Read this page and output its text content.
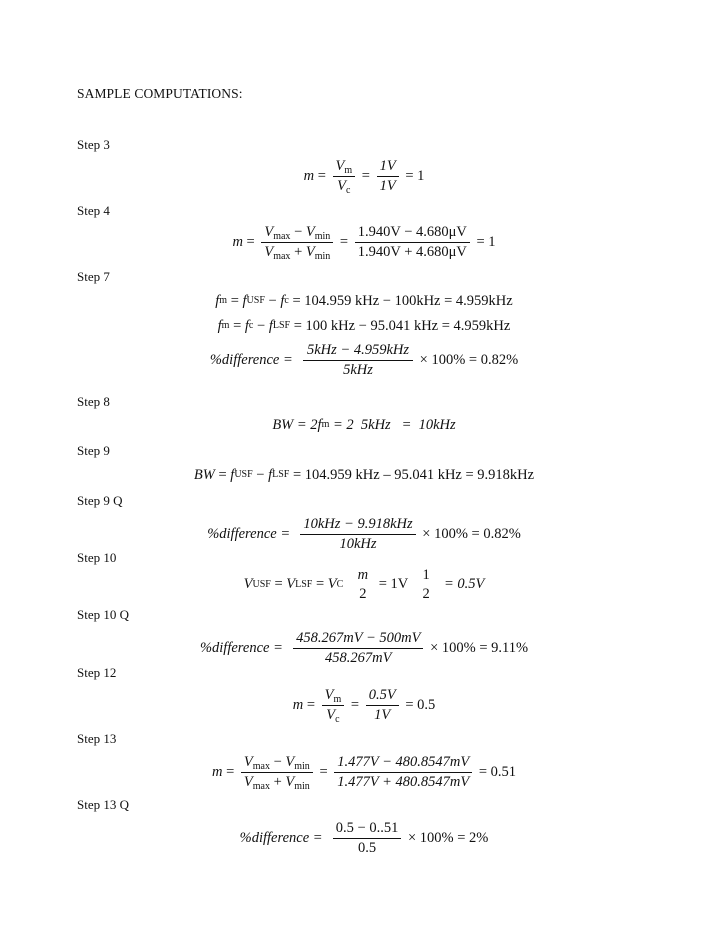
SAMPLE COMPUTATIONS:
Step 3
$m = \frac{V_m}{V_c} = \frac{1V}{1V}$
= 1
Step 4
$m = \frac{V_{max} - V_{min}}{V_{max} + V_{min}} = \frac{1.940V - 4.680\mu V}{1.940V + 4.680\mu V}$
= 1
Step 7
f m = f USF − f c
= 104.959 kHz − 100kHz = 4.959kHz
f m = f c − f LSF
= 100 kHz − 95.041 kHz = 4.959kHz
%difference =
$\frac{\text{5kHz − 4.959kHz}}{\text{5kHz}}$
× 100% = 0.82%
Step 8
BW = 2f m
= 2  5kHz   =  10kHz
Step 9
BW = f USF − f LSF
= 104.959 kHz – 95.041 kHz = 9.918kHz
Step 9 Q
%difference =
$\frac{\text{10kHz − 9.918kHz}}{\text{10kHz}}$
× 100% = 0.82%
Step 10
V USF = V LSF = V C

m
2

= 1V

1
2

= 0.5V
Step 10 Q
%difference =
$\frac{458.267mV - 500mV}{458.267mV}$
× 100% = 9.11%
Step 12
$m = \frac{V_m}{V_c} = \frac{0.5V}{1V}$
= 0.5
Step 13
$m = \frac{V_{max} - V_{min}}{V_{max} + V_{min}} = \frac{1.477V - 480.8547mV}{1.477V + 480.8547mV}$
= 0.51
Step 13 Q
%difference =
$\frac{0.5 - 0..51}{0.5}$
× 100% = 2%
